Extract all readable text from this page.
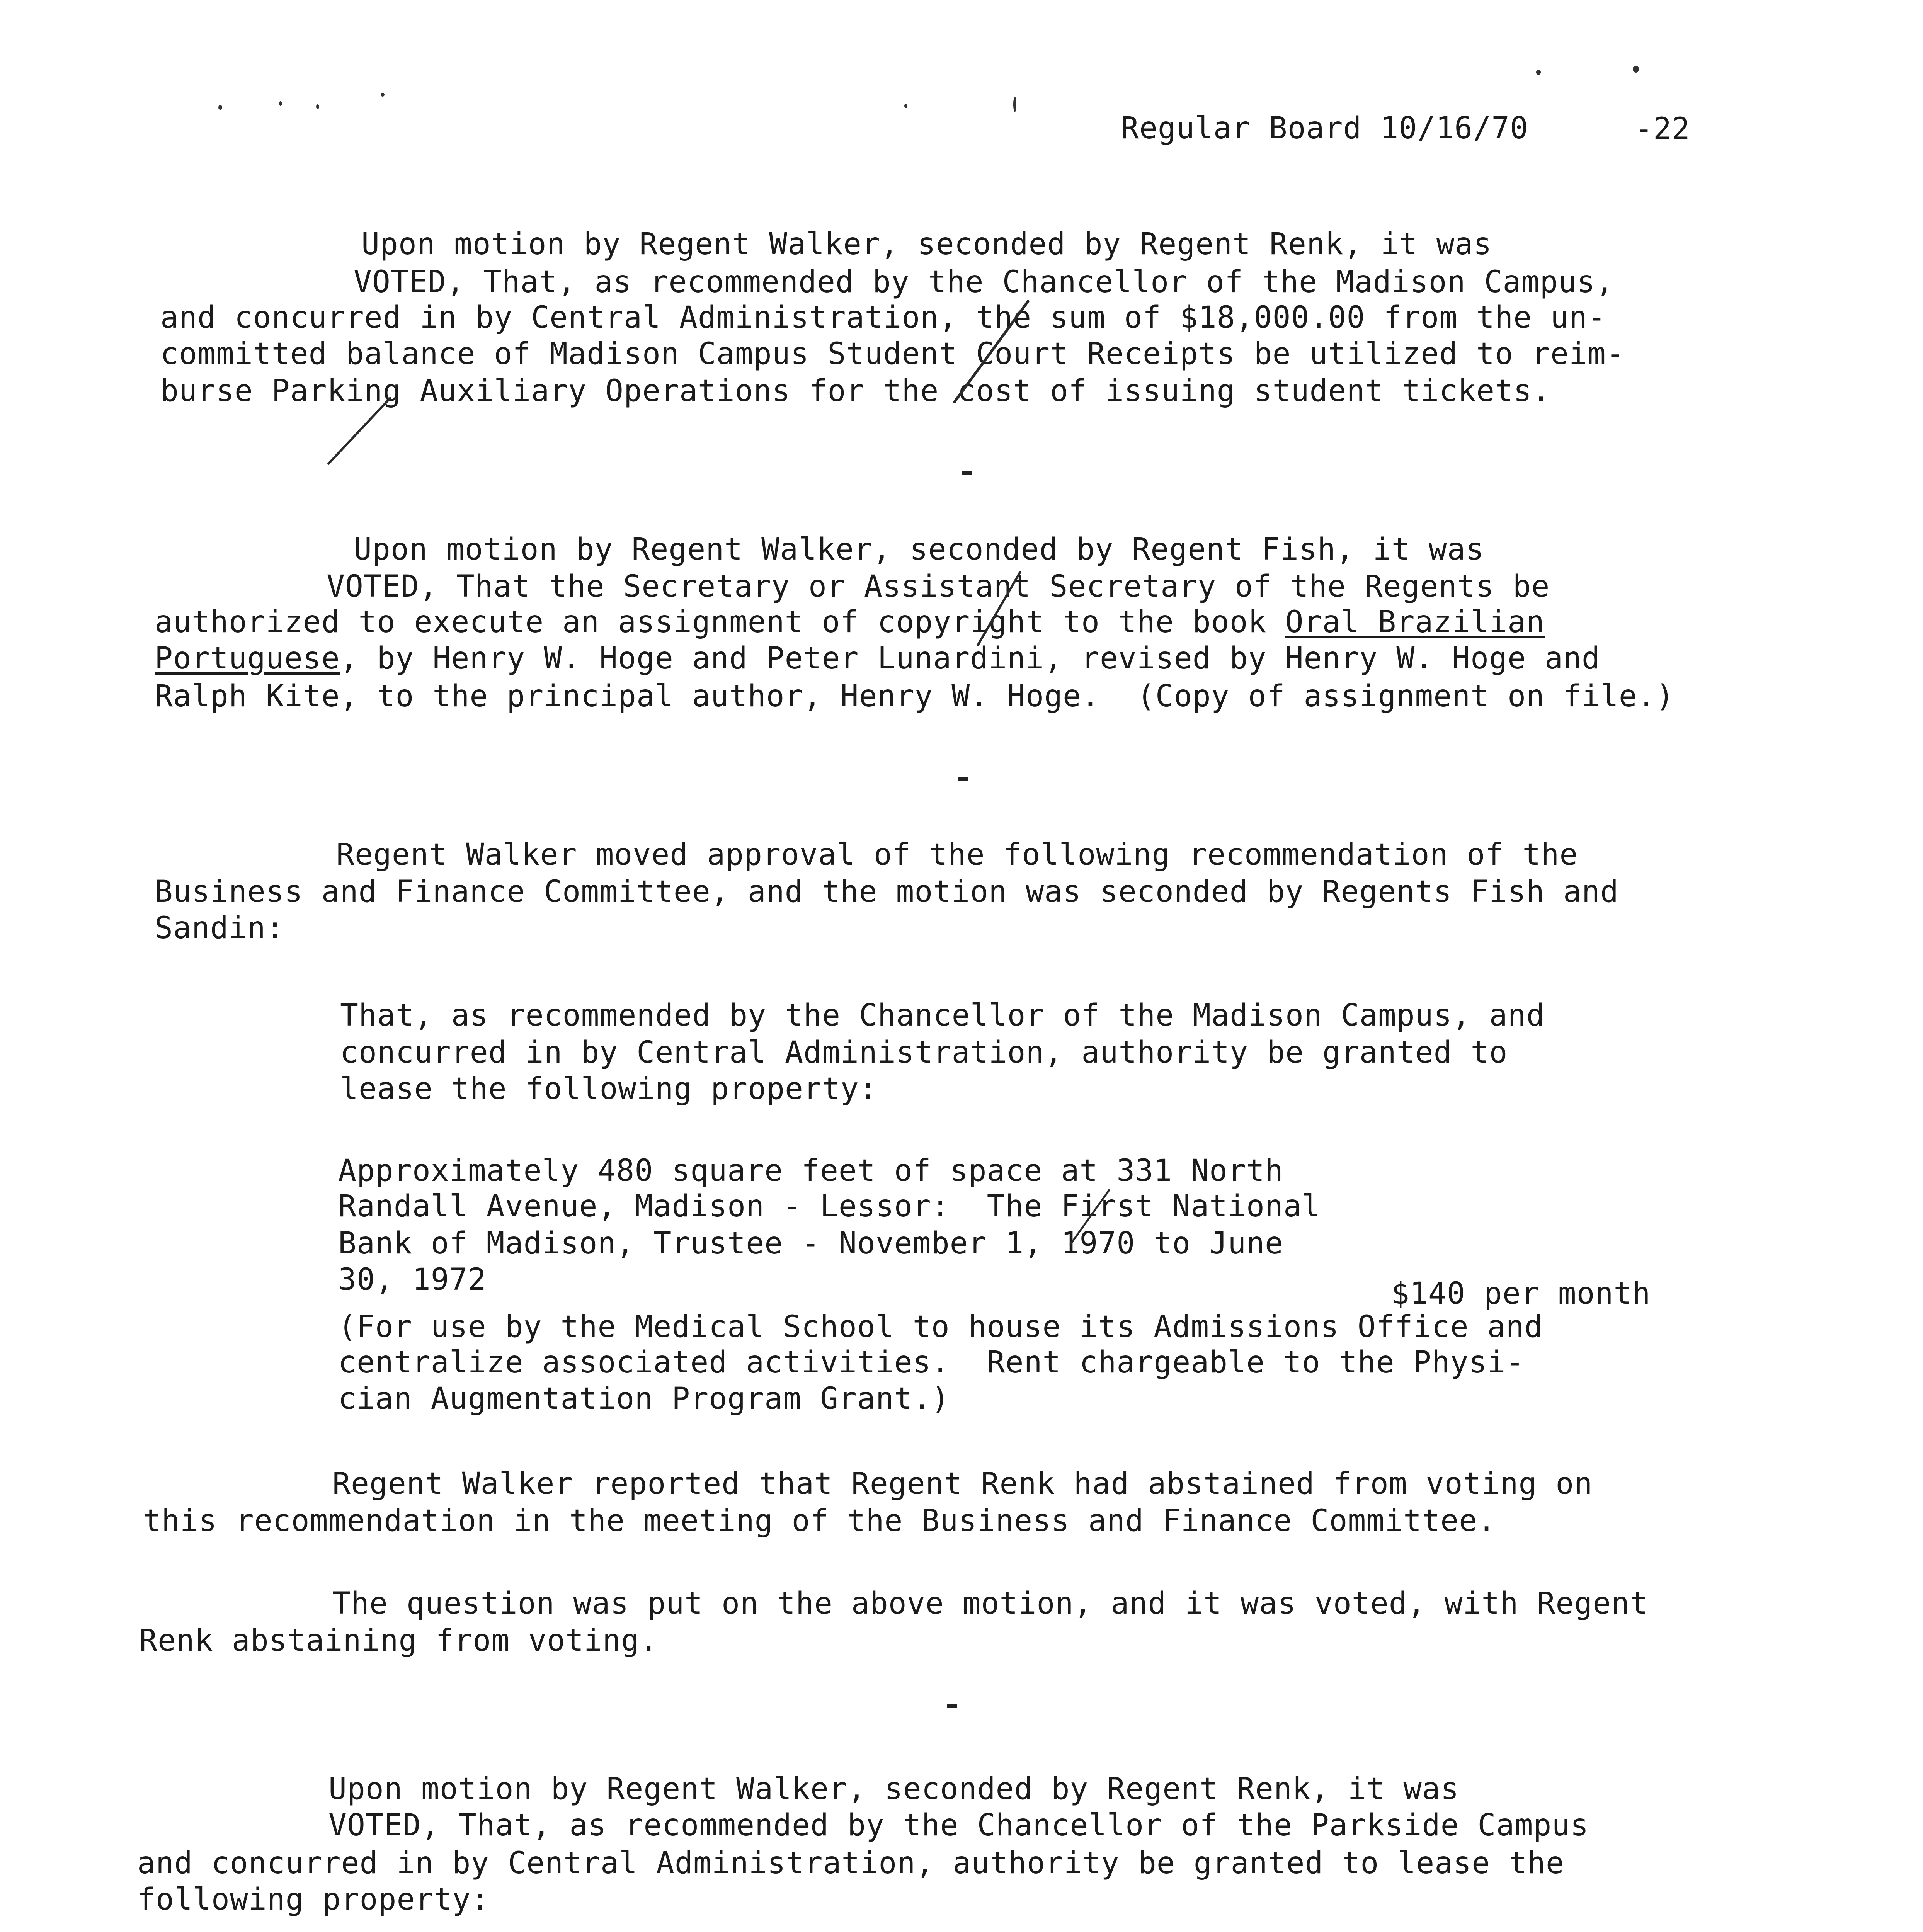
Regular Board 10/16/70	-22

Upon motion by Regent Walker, seconded by Regent Renk, it was

VOTED, That, as recommended by the Chancellor of the Madison Campus,

and concurred in by Central Administration, the sum of $18,000.00 from the un-

committed balance of Madison Campus Student Court Receipts be utilized to reim-

burse Parking Auxiliary Operations for the cost of issuing student tickets.

Upon motion by Regent Walker, seconded by Regent Fish, it was

VOTED, That the Secretary or Assistant Secretary of the Regents be

authorized to execute an assignment of copyright to the book Oral Brazilian

Portuguese, by Henry W. Hoge and Peter Lunardini, revised by Henry W. Hoge and

Ralph Kite, to the principal author, Henry W. Hoge.  (Copy of assignment on file.)

Regent Walker moved approval of the following recommendation of the

Business and Finance Committee, and the motion was seconded by Regents Fish and

Sandin:

That, as recommended by the Chancellor of the Madison Campus, and

concurred in by Central Administration, authority be granted to

lease the following property:

Approximately 480 square feet of space at 331 North

Randall Avenue, Madison - Lessor:  The First National

Bank of Madison, Trustee - November 1, 1970 to June

30, 1972	$140 per month

(For use by the Medical School to house its Admissions Office and

centralize associated activities.  Rent chargeable to the Physi-

cian Augmentation Program Grant.)

Regent Walker reported that Regent Renk had abstained from voting on

this recommendation in the meeting of the Business and Finance Committee.

The question was put on the above motion, and it was voted, with Regent

Renk abstaining from voting.

Upon motion by Regent Walker, seconded by Regent Renk, it was

VOTED, That, as recommended by the Chancellor of the Parkside Campus

and concurred in by Central Administration, authority be granted to lease the

following property:
